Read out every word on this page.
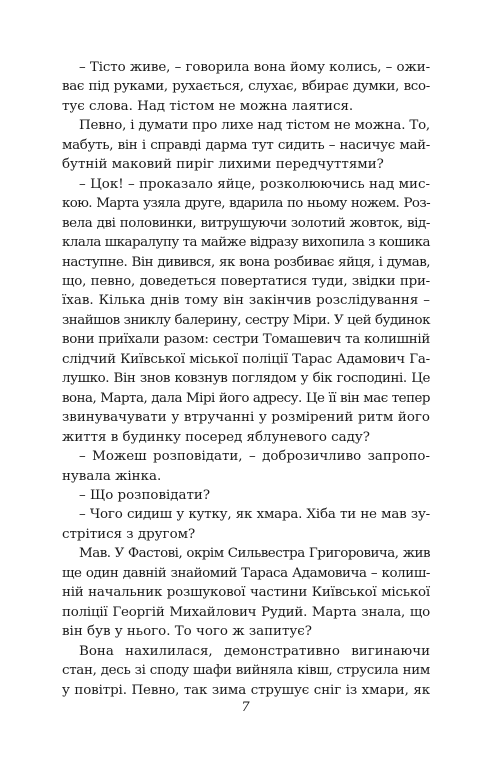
– Тісто живе, – говорила вона йому колись, – ожи-
ває під руками, рухається, слухає, вбирає думки, всо-
тує слова. Над тістом не можна лаятися.
Певно, і думати про лихе над тістом не можна. То,
мабуть, він і справді дарма тут сидить – насичує май-
бутній маковий пиріг лихими передчуттями?
– Цок! – проказало яйце, розколюючись над мис-
кою. Марта узяла друге, вдарила по ньому ножем. Роз-
вела дві половинки, витрушуючи золотий жовток, від-
клала шкаралупу та майже відразу вихопила з кошика
наступне. Він дивився, як вона розбиває яйця, і думав,
що, певно, доведеться повертатися туди, звідки при-
їхав. Кілька днів тому він закінчив розслідування –
знайшов зниклу балерину, сестру Міри. У цей будинок
вони приїхали разом: сестри Томашевич та колишній
слідчий Київської міської поліції Тарас Адамович Га-
лушко. Він знов ковзнув поглядом у бік господині. Це
вона, Марта, дала Мірі його адресу. Це її він має тепер
звинувачувати у втручанні у розмірений ритм його
життя в будинку посеред яблуневого саду?
– Можеш розповідати, – доброзичливо запропо-
нувала жінка.
– Що розповідати?
– Чого сидиш у кутку, як хмара. Хіба ти не мав зу-
стрітися з другом?
Мав. У Фастові, окрім Сильвестра Григоровича, жив
ще один давній знайомий Тараса Адамовича – колиш-
ній начальник розшукової частини Київської міської
поліції Георгій Михайлович Рудий. Марта знала, що
він був у нього. То чого ж запитує?
Вона нахилилася, демонстративно вигинаючи
стан, десь зі споду шафи вийняла ківш, струсила ним
у повітрі. Певно, так зима струшує сніг із хмари, як
7
